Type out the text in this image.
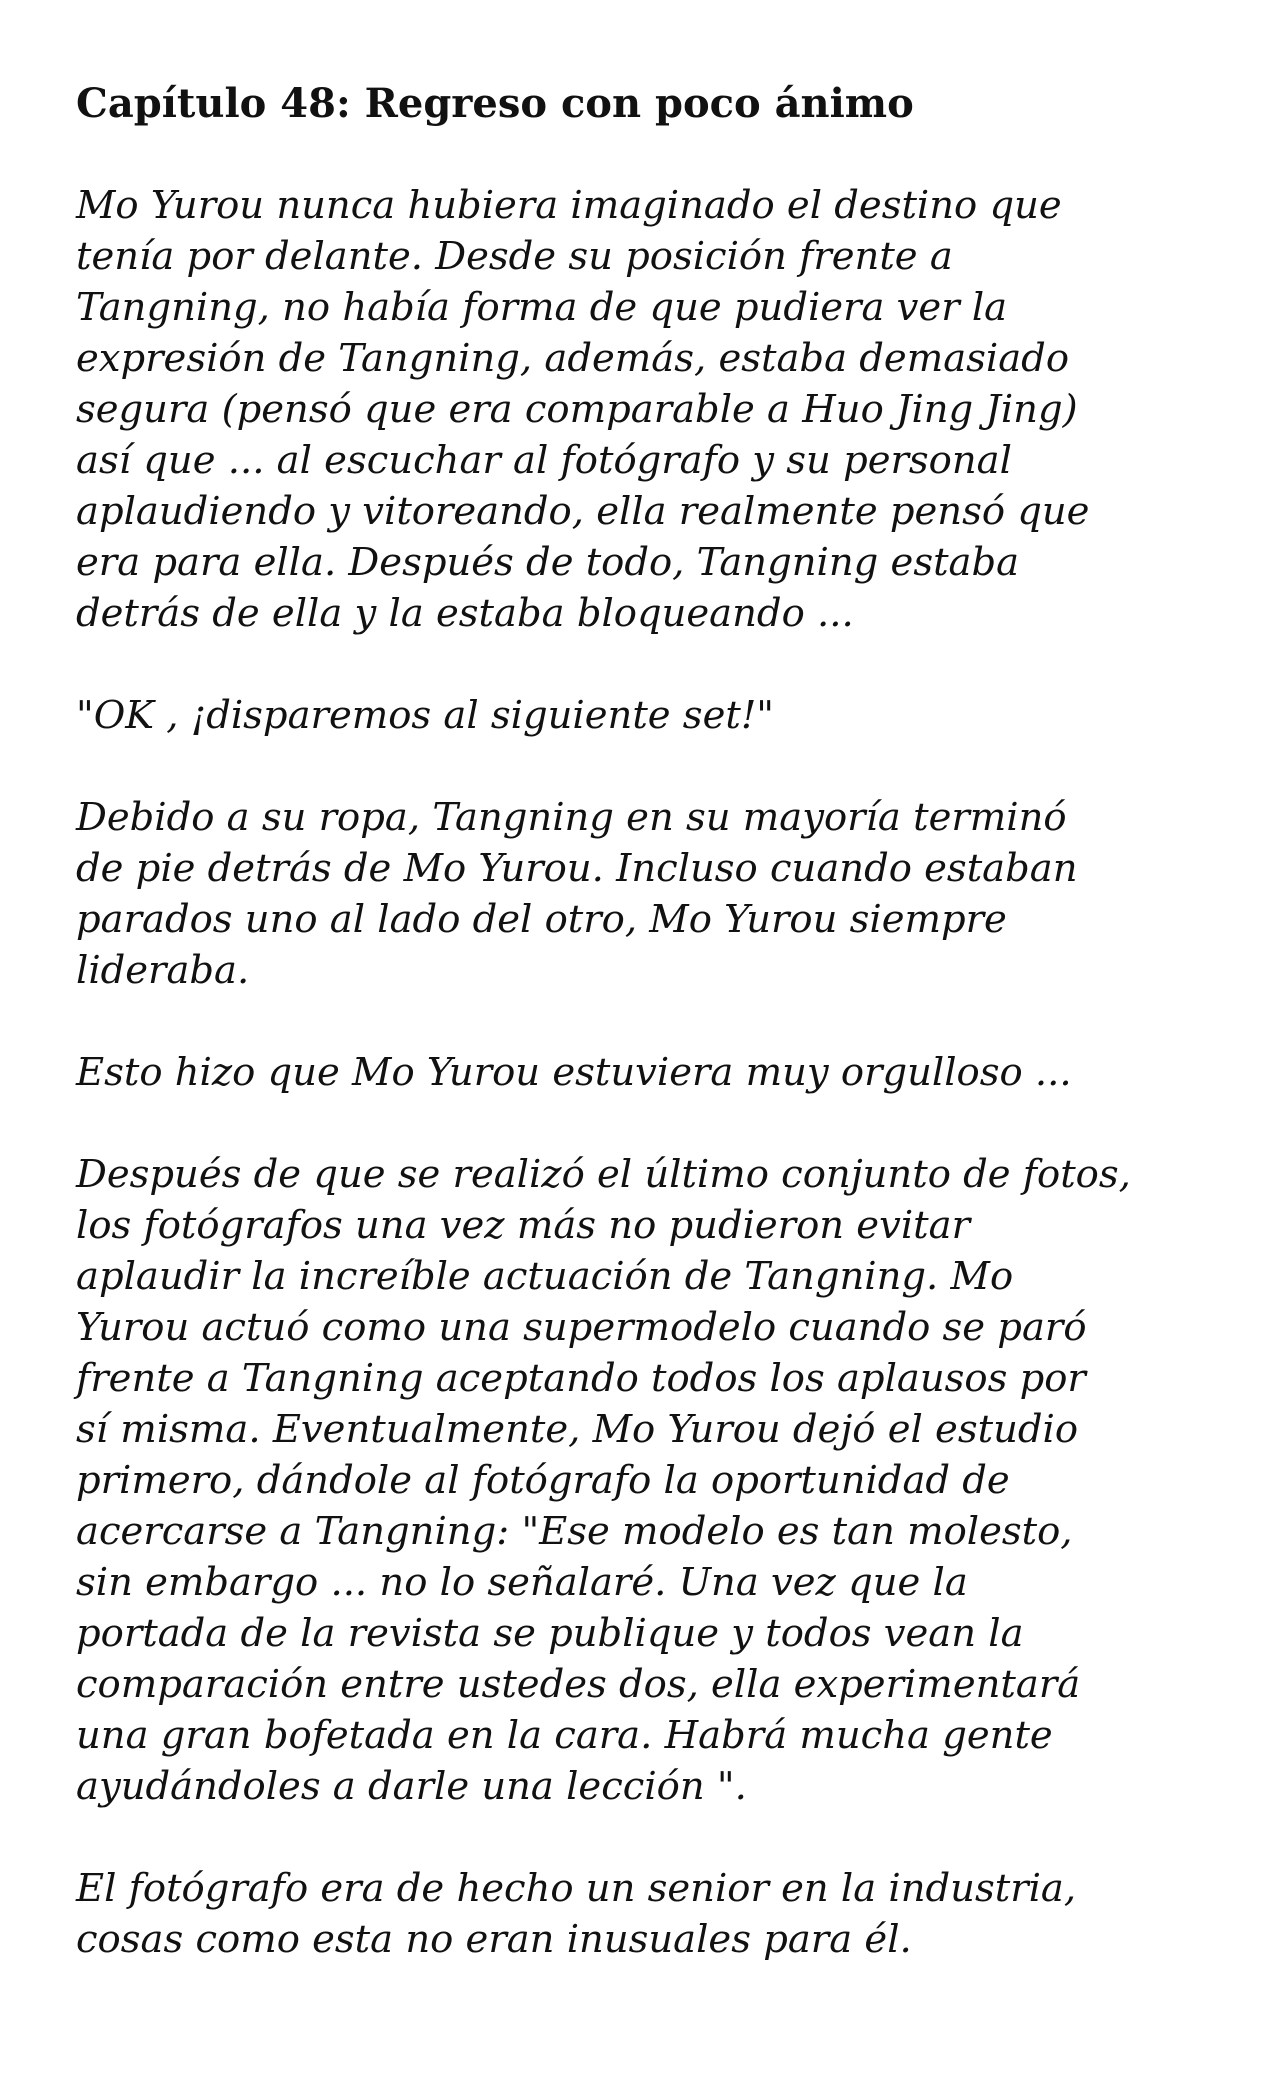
Capítulo 48: Regreso con poco ánimo

Mo Yurou nunca hubiera imaginado el destino que
tenía por delante. Desde su posición frente a
Tangning, no había forma de que pudiera ver la
expresión de Tangning, además, estaba demasiado
segura (pensó que era comparable a Huo Jing Jing)
así que ... al escuchar al fotógrafo y su personal
aplaudiendo y vitoreando, ella realmente pensó que
era para ella. Después de todo, Tangning estaba
detrás de ella y la estaba bloqueando ...

"OK , ¡disparemos al siguiente set!"

Debido a su ropa, Tangning en su mayoría terminó
de pie detrás de Mo Yurou. Incluso cuando estaban
parados uno al lado del otro, Mo Yurou siempre
lideraba.

Esto hizo que Mo Yurou estuviera muy orgulloso ...

Después de que se realizó el último conjunto de fotos,
los fotógrafos una vez más no pudieron evitar
aplaudir la increíble actuación de Tangning. Mo
Yurou actuó como una supermodelo cuando se paró
frente a Tangning aceptando todos los aplausos por
sí misma. Eventualmente, Mo Yurou dejó el estudio
primero, dándole al fotógrafo la oportunidad de
acercarse a Tangning: "Ese modelo es tan molesto,
sin embargo ... no lo señalaré. Una vez que la
portada de la revista se publique y todos vean la
comparación entre ustedes dos, ella experimentará
una gran bofetada en la cara. Habrá mucha gente
ayudándoles a darle una lección ".

El fotógrafo era de hecho un senior en la industria,
cosas como esta no eran inusuales para él.
